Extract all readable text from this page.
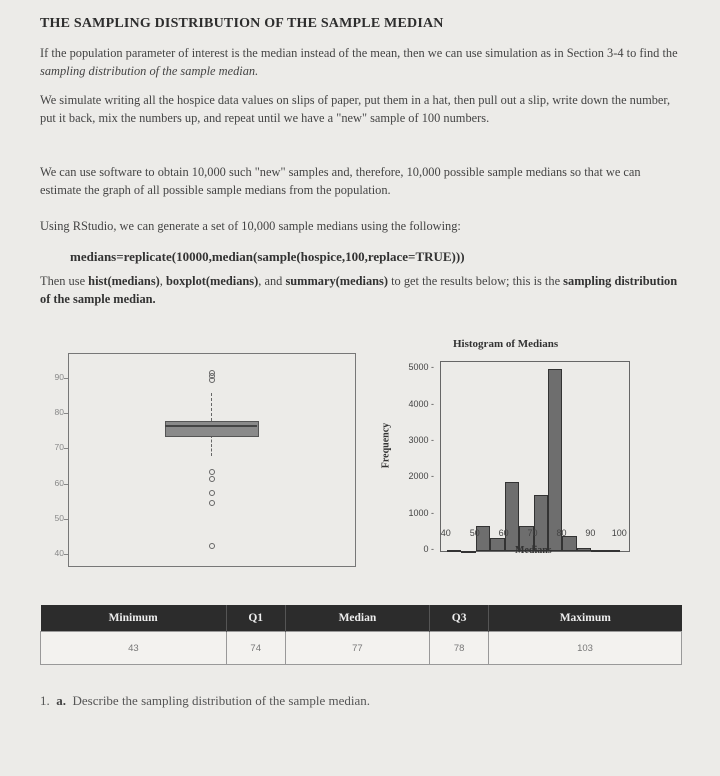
THE SAMPLING DISTRIBUTION OF THE SAMPLE MEDIAN
If the population parameter of interest is the median instead of the mean, then we can use simulation as in Section 3-4 to find the sampling distribution of the sample median.
We simulate writing all the hospice data values on slips of paper, put them in a hat, then pull out a slip, write down the number, put it back, mix the numbers up, and repeat until we have a "new" sample of 100 numbers.
We can use software to obtain 10,000 such "new" samples and, therefore, 10,000 possible sample medians so that we can estimate the graph of all possible sample medians from the population.
Using RStudio, we can generate a set of 10,000 sample medians using the following:
medians=replicate(10000,median(sample(hospice,100,replace=TRUE)))
Then use hist(medians), boxplot(medians), and summary(medians) to get the results below; this is the sampling distribution of the sample median.
40
50
60
70
80
90
Histogram of Medians
Frequency
Medians
0 -
1000 -
2000 -
3000 -
4000 -
5000 -
40	50	60	70	80	90	100
Minimum	Q1	Median	Q3	Maximum
43	74	77	78	103
1. a. Describe the sampling distribution of the sample median.
